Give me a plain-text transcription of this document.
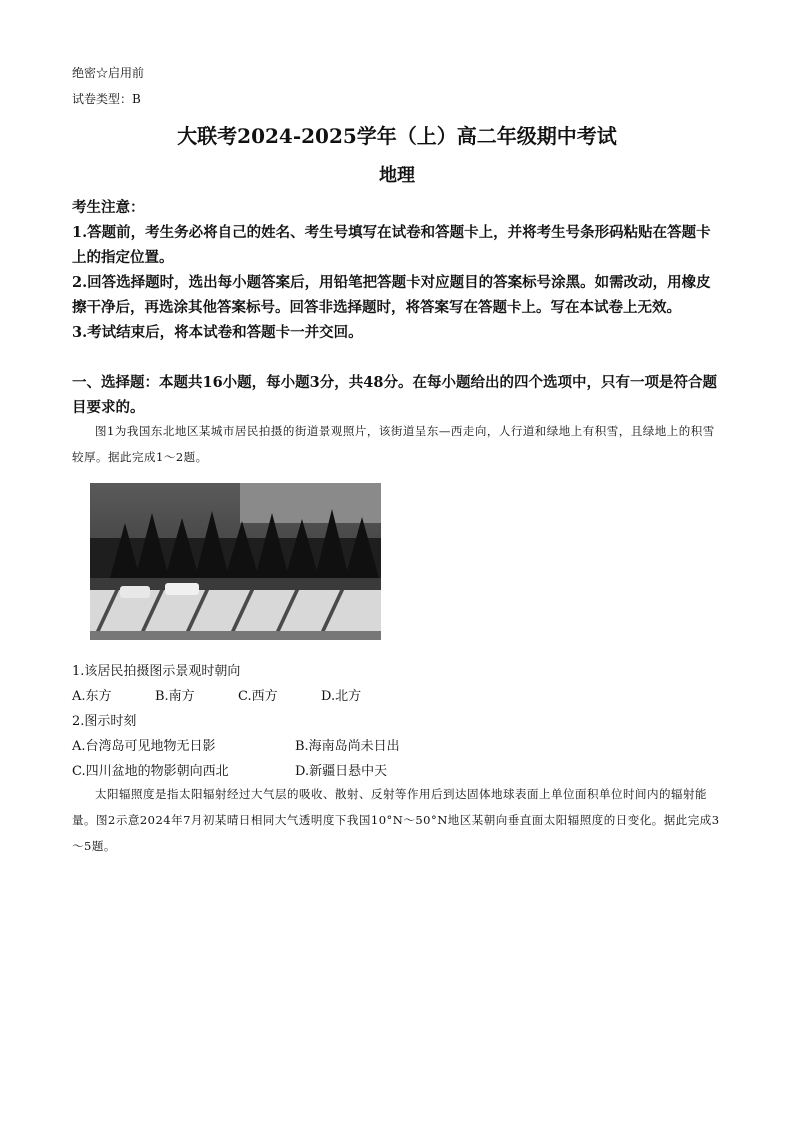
绝密☆启用前
试卷类型：B
大联考2024-2025学年（上）高二年级期中考试
地理

考生注意：

1.答题前，考生务必将自己的姓名、考生号填写在试卷和答题卡上，并将考生号条形码粘贴在答题卡上的指定位置。

2.回答选择题时，选出每小题答案后，用铅笔把答题卡对应题目的答案标号涂黑。如需改动，用橡皮擦干净后，再选涂其他答案标号。回答非选择题时，将答案写在答题卡上。写在本试卷上无效。

3.考试结束后，将本试卷和答题卡一并交回。

一、选择题：本题共16小题，每小题3分，共48分。在每小题给出的四个选项中，只有一项是符合题目要求的。
图1为我国东北地区某城市居民拍摄的街道景观照片，该街道呈东—西走向，人行道和绿地上有积雪，且绿地上的积雪较厚。据此完成1～2题。
1.该居民拍摄图示景观时朝向
A.东方	B.南方	C.西方	D.北方
2.图示时刻
A.台湾岛可见地物无日影	B.海南岛尚未日出
C.四川盆地的物影朝向西北	D.新疆日悬中天
太阳辐照度是指太阳辐射经过大气层的吸收、散射、反射等作用后到达固体地球表面上单位面积单位时间内的辐射能量。图2示意2024年7月初某晴日相同大气透明度下我国10°N～50°N地区某朝向垂直面太阳辐照度的日变化。据此完成3～5题。
